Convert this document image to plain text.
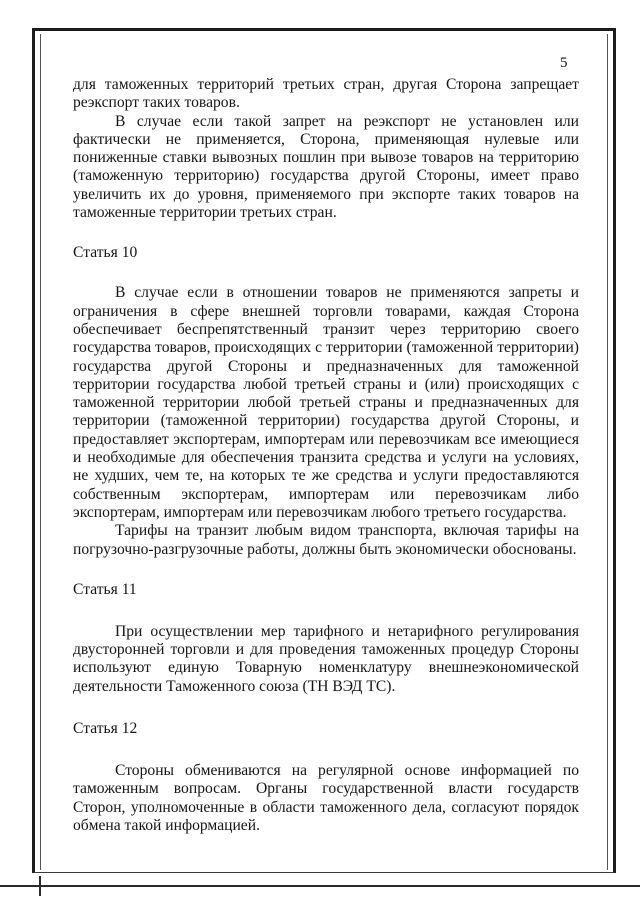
5

для таможенных территорий третьих стран, другая Сторона запрещает реэкспорт таких товаров.

В случае если такой запрет на реэкспорт не установлен или фактически не применяется, Сторона, применяющая нулевые или пониженные ставки вывозных пошлин при вывозе товаров на территорию (таможенную территорию) государства другой Стороны, имеет право увеличить их до уровня, применяемого при экспорте таких товаров на таможенные территории третьих стран.

Статья 10

В случае если в отношении товаров не применяются запреты и ограничения в сфере внешней торговли товарами, каждая Сторона обеспечивает беспрепятственный транзит через территорию своего государства товаров, происходящих с территории (таможенной территории) государства другой Стороны и предназначенных для таможенной территории государства любой третьей страны и (или) происходящих с таможенной территории любой третьей страны и предназначенных для территории (таможенной территории) государства другой Стороны, и предоставляет экспортерам, импортерам или перевозчикам все имеющиеся и необходимые для обеспечения транзита средства и услуги на условиях, не худших, чем те, на которых те же средства и услуги предоставляются собственным экспортерам, импортерам или перевозчикам либо экспортерам, импортерам или перевозчикам любого третьего государства.

Тарифы на транзит любым видом транспорта, включая тарифы на погрузочно-разгрузочные работы, должны быть экономически обоснованы.

Статья 11

При осуществлении мер тарифного и нетарифного регулирования двусторонней торговли и для проведения таможенных процедур Стороны используют единую Товарную номенклатуру внешнеэкономической деятельности Таможенного союза (ТН ВЭД ТС).

Статья 12

Стороны обмениваются на регулярной основе информацией по таможенным вопросам. Органы государственной власти государств Сторон, уполномоченные в области таможенного дела, согласуют порядок обмена такой информацией.
